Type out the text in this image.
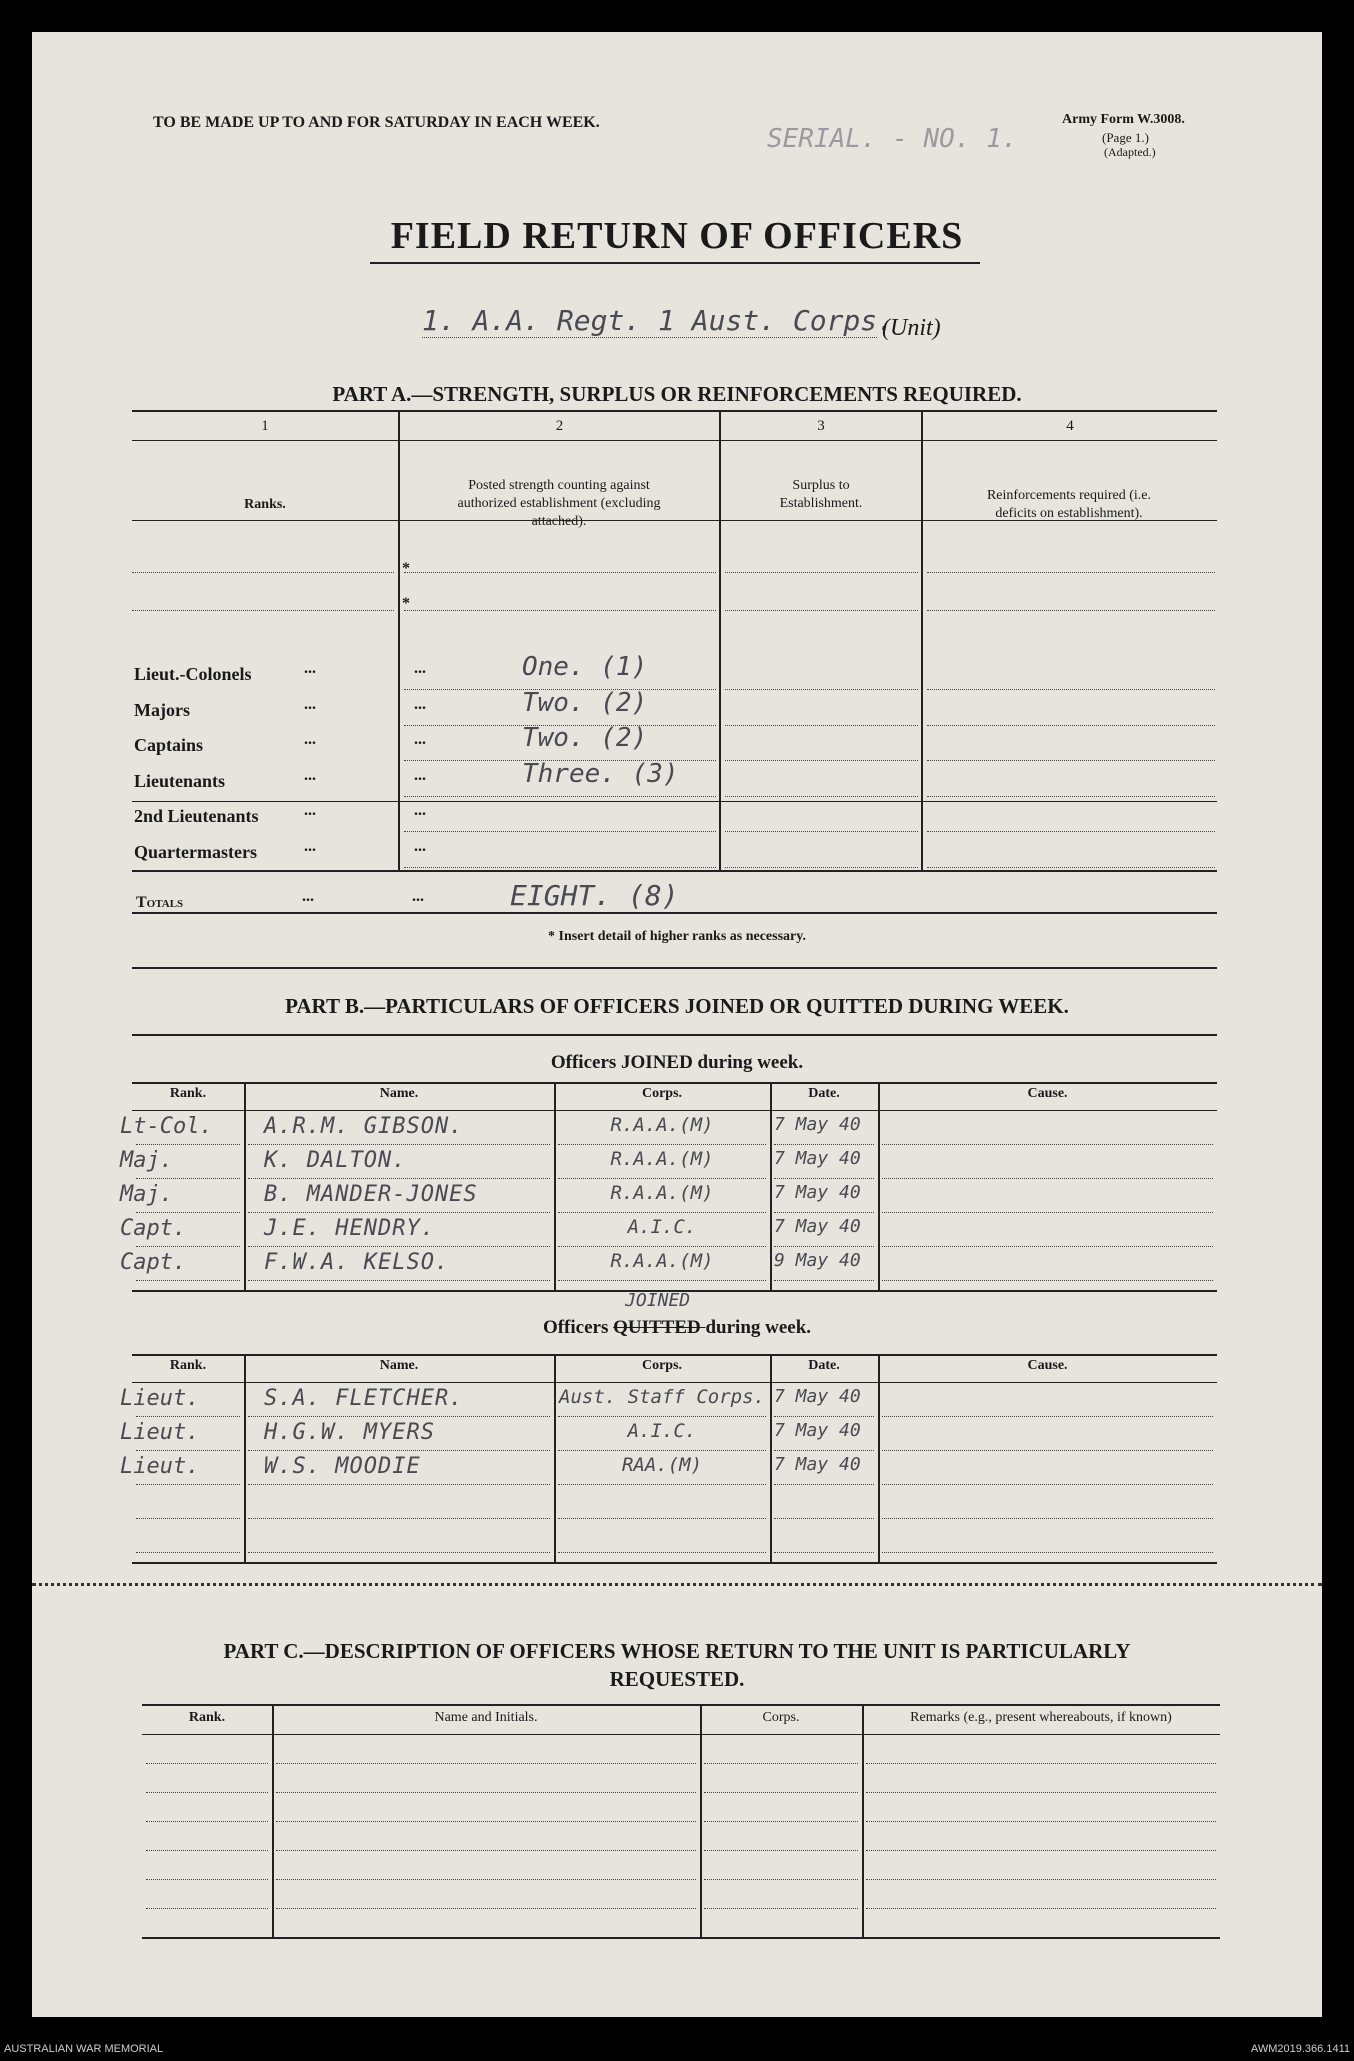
TO BE MADE UP TO AND FOR SATURDAY IN EACH WEEK.
SERIAL. - NO. 1.
Army Form W.3008.
(Page 1.)
(Adapted.)
FIELD RETURN OF OFFICERS
1. A.A. Regt. 1 Aust. Corps.
(Unit)
PART A.—STRENGTH, SURPLUS OR REINFORCEMENTS REQUIRED.
1	2	3	4
Ranks.
Posted strength counting against authorized establishment (excluding attached).
Surplus to Establishment.
Reinforcements required (i.e. deficits on establishment).
*
*
Lieut.-Colonels	...	...	One. (1)
Majors	...	...	Two. (2)
Captains	...	...	Two. (2)
Lieutenants	...	...	Three. (3)
2nd Lieutenants	...	...
Quartermasters	...	...
Totals	...	...	EIGHT. (8)
* Insert detail of higher ranks as necessary.
PART B.—PARTICULARS OF OFFICERS JOINED OR QUITTED DURING WEEK.
Officers JOINED during week.
Rank.	Name.	Corps.	Date.	Cause.
Lt-Col. A.R.M. GIBSON.	R.A.A.(M)	7 May 40
Maj.	K. DALTON.	R.A.A.(M)	7 May 40
Maj.	B. MANDER-JONES	R.A.A.(M)	7 May 40
Capt.	J.E. HENDRY.	A.I.C.	7 May 40
Capt.	F.W.A. KELSO.	R.A.A.(M)	9 May 40
Officers QUITTED
JOINED
during week.
Rank.	Name.	Corps.	Date.	Cause.
Lieut.	S.A. FLETCHER.	Aust. Staff Corps. 7 May 40
Lieut.	H.G.W. MYERS	A.I.C.	7 May 40
Lieut.	W.S. MOODIE	RAA.(M)	7 May 40
PART C.—DESCRIPTION OF OFFICERS WHOSE RETURN TO THE UNIT IS PARTICULARLY
REQUESTED.
Rank.	Name and Initials.	Corps.	Remarks (e.g., present whereabouts, if known)
AUSTRALIAN WAR MEMORIAL	AWM2019.366.1411
